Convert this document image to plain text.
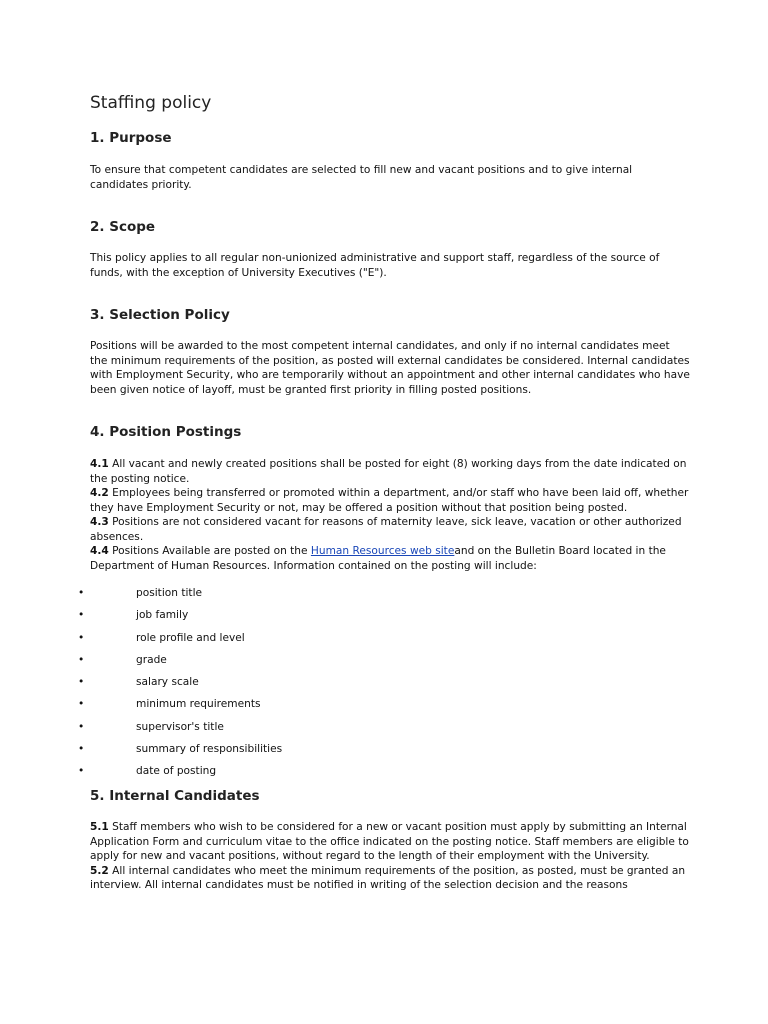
Staffing policy
1. Purpose

To ensure that competent candidates are selected to fill new and vacant positions and to give internal candidates priority.

2. Scope

This policy applies to all regular non-unionized administrative and support staff, regardless of the source of funds, with the exception of University Executives ("E").

3. Selection Policy

Positions will be awarded to the most competent internal candidates, and only if no internal candidates meet the minimum requirements of the position, as posted will external candidates be considered. Internal candidates with Employment Security, who are temporarily without an appointment and other internal candidates who have been given notice of layoff, must be granted first priority in filling posted positions.

4. Position Postings
4.1 All vacant and newly created positions shall be posted for eight (8) working days from the date indicated on the posting notice.
4.2 Employees being transferred or promoted within a department, and/or staff who have been laid off, whether they have Employment Security or not, may be offered a position without that position being posted.
4.3 Positions are not considered vacant for reasons of maternity leave, sick leave, vacation or other authorized absences.
4.4 Positions Available are posted on the Human Resources web siteand on the Bulletin Board located in the Department of Human Resources. Information contained on the posting will include:
•	position title
•	job family
•	role profile and level
•	grade
•	salary scale
•	minimum requirements
•	supervisor's title
•	summary of responsibilities
•	date of posting
5. Internal Candidates
5.1 Staff members who wish to be considered for a new or vacant position must apply by submitting an Internal Application Form and curriculum vitae to the office indicated on the posting notice. Staff members are eligible to apply for new and vacant positions, without regard to the length of their employment with the University.
5.2 All internal candidates who meet the minimum requirements of the position, as posted, must be granted an interview. All internal candidates must be notified in writing of the selection decision and the reasons
